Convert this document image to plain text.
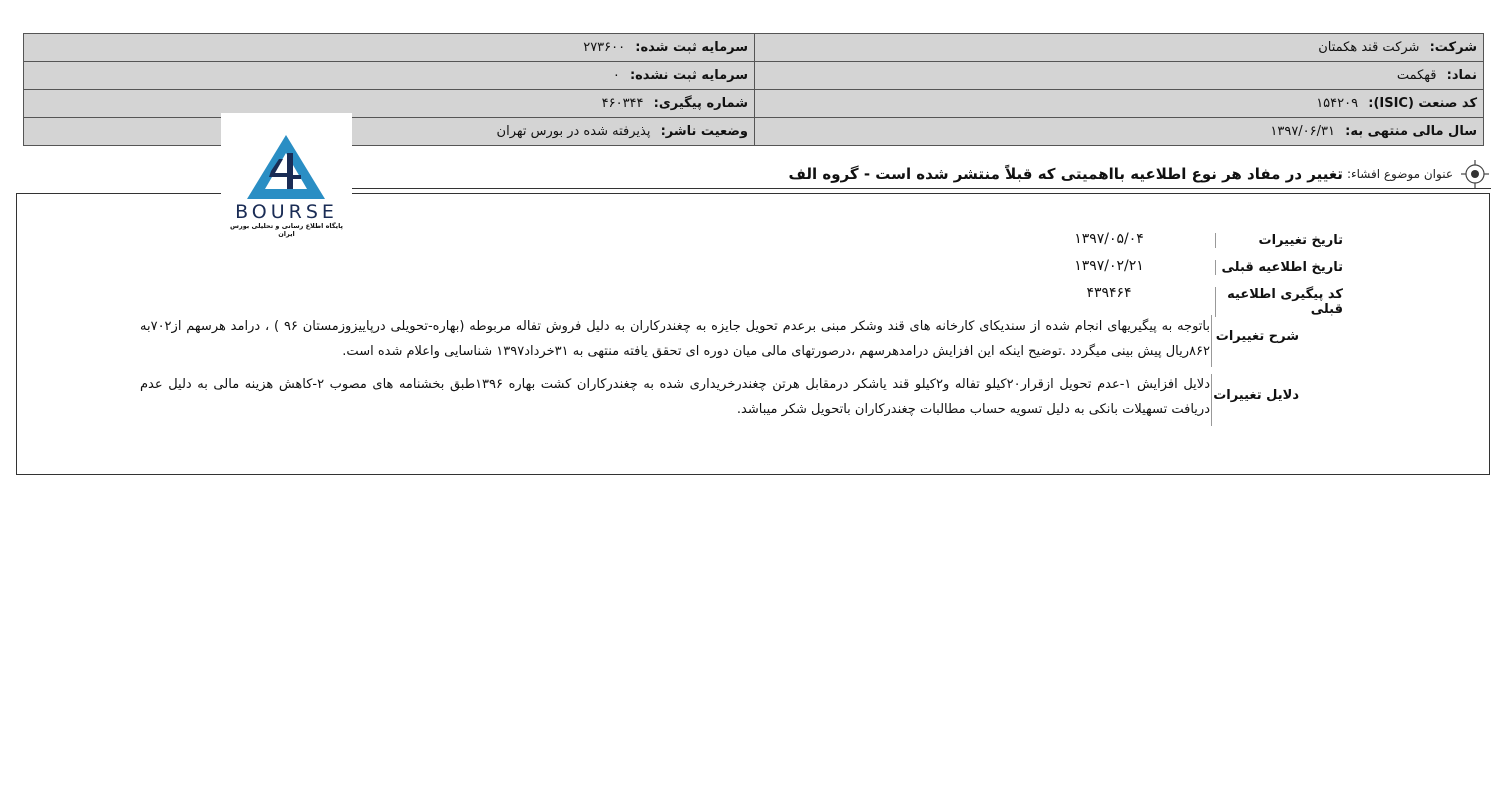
شرکت: شرکت قند هکمتان	سرمایه ثبت شده: ۲۷۳۶۰۰
نماد: قهکمت	سرمایه ثبت نشده: ۰
کد صنعت (ISIC): ۱۵۴۲۰۹	شماره پیگیری: ۴۶۰۳۴۴
سال مالی منتهی به: ۱۳۹۷/۰۶/۳۱	وضعیت ناشر: پذیرفته شده در بورس تهران
عنوان موضوع افشاء:
تغییر در مفاد هر نوع اطلاعیه بااهمیتی که قبلاً منتشر شده است - گروه الف
تاریخ تغییرات
۱۳۹۷/۰۵/۰۴
تاریخ اطلاعیه قبلی
۱۳۹۷/۰۲/۲۱
کد پیگیری اطلاعیه قبلی
۴۳۹۴۶۴
شرح تغییرات
باتوجه به پیگیریهای انجام شده از سندیکای کارخانه های قند وشکر مبنی برعدم تحویل جایزه به چغندرکاران به دلیل فروش تفاله مربوطه (بهاره-تحویلی درپاییزوزمستان ۹۶ ) ، درامد هرسهم از۷۰۲به ۸۶۲ریال پیش بینی میگردد .توضیح اینکه این افزایش درامدهرسهم ،درصورتهای مالی میان دوره ای تحقق یافته منتهی به ۳۱خرداد۱۳۹۷ شناسایی واعلام شده است.
دلایل تغییرات
دلایل افزایش ۱-عدم تحویل ازقرار۲۰کیلو تفاله و۲کیلو قند یاشکر درمقابل هرتن چغندرخریداری شده به چغندرکاران کشت بهاره ۱۳۹۶طبق بخشنامه های مصوب ۲-کاهش هزینه مالی به دلیل عدم دریافت تسهیلات بانکی به دلیل تسویه حساب مطالبات چغندرکاران باتحویل شکر میباشد.
BOURSE
پایگاه اطلاع رسانی و تحلیلی بورس ایران
